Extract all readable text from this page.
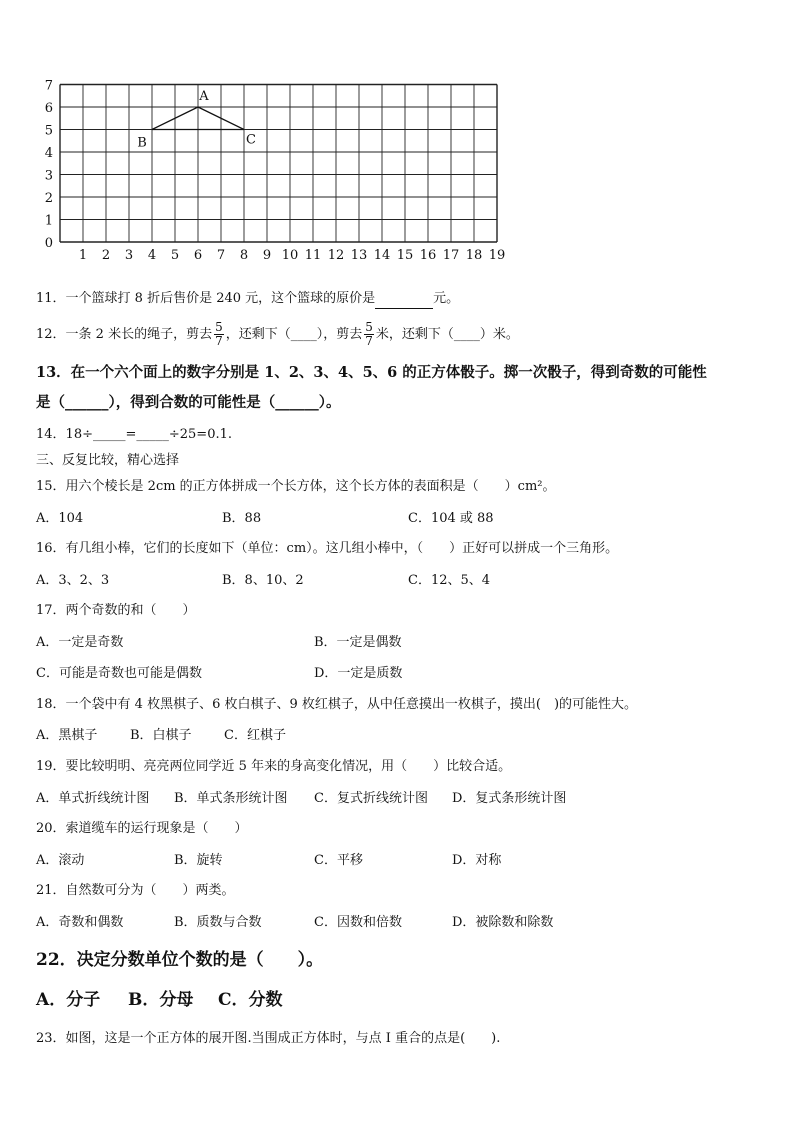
1 2 3 4 5 6 7 8 9 10 11 12 13 14 15 16 17 18 19
0
1
2
3
4
5
6
7
A
B	C
11．一个篮球打 8 折后售价是 240 元，这个篮球的原价是	元。
12．一条 2 米长的绳子，剪去 $\frac{5}{7}$ ，还剩下（____），剪去 $\frac{5}{7}$ 米，还剩下（____）米。
13．在一个六个面上的数字分别是 1、2、3、4、5、6 的正方体骰子。掷一次骰子，得到奇数的可能性
是（______），得到合数的可能性是（______）。
14．18÷_____=_____÷25=0.1.
三、反复比较，精心选择
15．用六个棱长是 2cm 的正方体拼成一个长方体，这个长方体的表面积是（　　）cm²。
A．104	B．88	C．104 或 88
16．有几组小棒，它们的长度如下（单位：cm）。这几组小棒中，（　　）正好可以拼成一个三角形。
A．3、2、3	B．8、10、2	C．12、5、4
17．两个奇数的和（　　）
A．一定是奇数	B．一定是偶数
C．可能是奇数也可能是偶数	D．一定是质数
18．一个袋中有 4 枚黑棋子、6 枚白棋子、9 枚红棋子，从中任意摸出一枚棋子，摸出(　)的可能性大。
A．黑棋子	B．白棋子 C．红棋子
19．要比较明明、亮亮两位同学近 5 年来的身高变化情况，用（　　）比较合适。
A．单式折线统计图 B．单式条形统计图 C．复式折线统计图 D．复式条形统计图
20．索道缆车的运行现象是（　　）
A．滚动	B．旋转	C．平移	D．对称
21．自然数可分为（　　）两类。
A．奇数和偶数	B．质数与合数	C．因数和倍数	D．被除数和除数
22．决定分数单位个数的是（　　）。
A．分子 B．分母 C．分数
23．如图，这是一个正方体的展开图.当围成正方体时，与点 I 重合的点是(　　).
